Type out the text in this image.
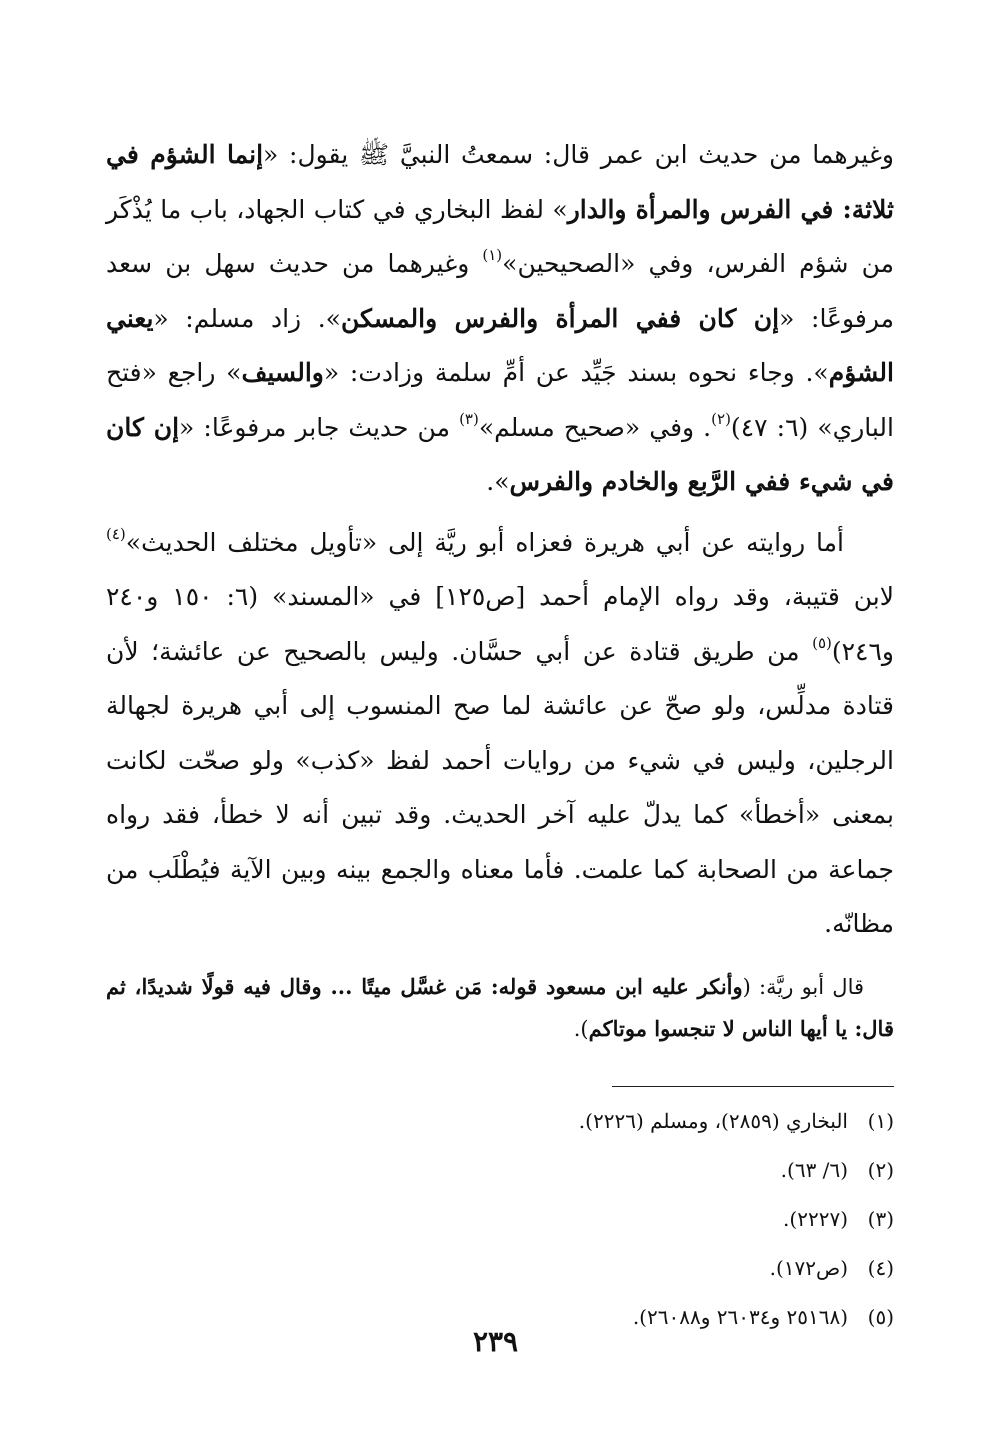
وغيرهما من حديث ابن عمر قال: سمعتُ النبيَّ ﷺ يقول: «إنما الشؤم في ثلاثة: في الفرس والمرأة والدار» لفظ البخاري في كتاب الجهاد، باب ما يُذْكَر من شؤم الفرس، وفي «الصحيحين»$^{(١)}$ وغيرهما من حديث سهل بن سعد مرفوعًا: «إن كان ففي المرأة والفرس والمسكن». زاد مسلم: «يعني الشؤم». وجاء نحوه بسند جَيِّد عن أمِّ سلمة وزادت: «والسيف» راجع «فتح الباري» (٦: ٤٧)$^{(٢)}$. وفي «صحيح مسلم»$^{(٣)}$ من حديث جابر مرفوعًا: «إن كان في شيء ففي الرَّبع والخادم والفرس».

أما روايته عن أبي هريرة فعزاه أبو ريَّة إلى «تأويل مختلف الحديث»$^{(٤)}$ لابن قتيبة، وقد رواه الإمام أحمد [ص١٢٥] في «المسند» (٦: ١٥٠ و٢٤٠ و٢٤٦)$^{(٥)}$ من طريق قتادة عن أبي حسَّان. وليس بالصحيح عن عائشة؛ لأن قتادة مدلِّس، ولو صحّ عن عائشة لما صح المنسوب إلى أبي هريرة لجهالة الرجلين، وليس في شيء من روايات أحمد لفظ «كذب» ولو صحّت لكانت بمعنى «أخطأ» كما يدلّ عليه آخر الحديث. وقد تبين أنه لا خطأ، فقد رواه جماعة من الصحابة كما علمت. فأما معناه والجمع بينه وبين الآية فيُطْلَب من مظانّه.

قال أبو ريَّة: (وأنكر عليه ابن مسعود قوله: مَن غسَّل ميتًا ... وقال فيه قولًا شديدًا، ثم قال: يا أيها الناس لا تنجسوا موتاكم).

(١)
البخاري (٢٨٥٩)، ومسلم (٢٢٢٦).
(٢)
(٦/ ٦٣).
(٣)
(٢٢٢٧).
(٤)
(ص١٧٢).
(٥)
(٢٥١٦٨ و٢٦٠٣٤ و٢٦٠٨٨).
٢٣٩
